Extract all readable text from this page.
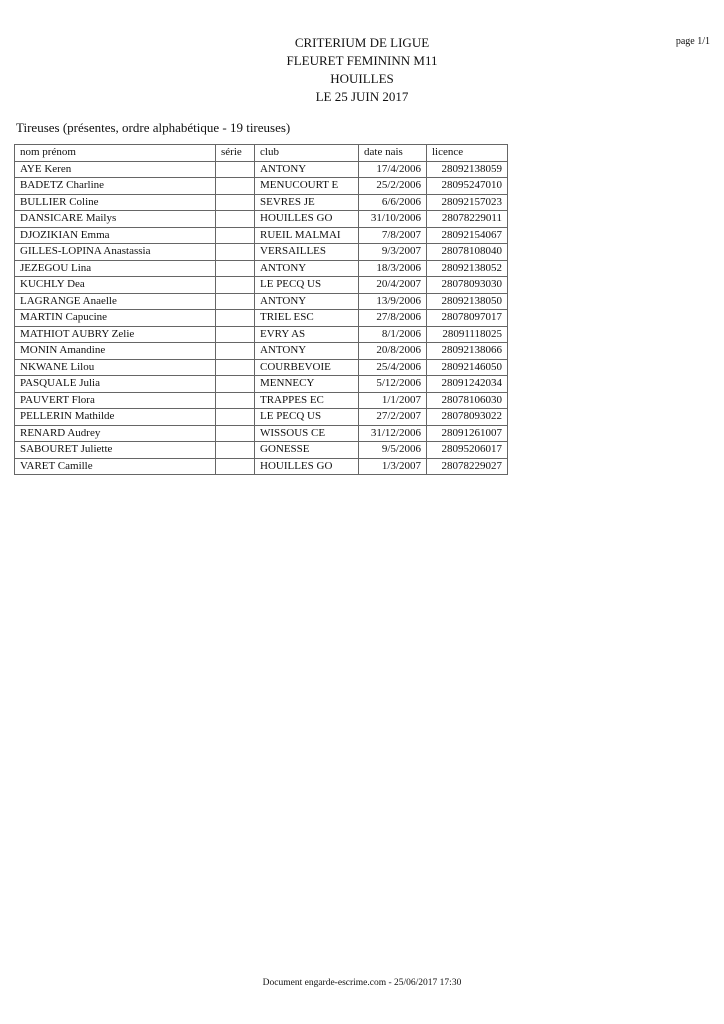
page 1/1
CRITERIUM DE LIGUE
FLEURET FEMININN M11
HOUILLES
LE 25 JUIN 2017
Tireuses (présentes, ordre alphabétique - 19 tireuses)
nom prénom	série	club	date nais	licence
AYE Keren		ANTONY	17/4/2006	28092138059
BADETZ Charline		MENUCOURT E	25/2/2006	28095247010
BULLIER Coline		SEVRES JE	6/6/2006	28092157023
DANSICARE Mailys		HOUILLES GO	31/10/2006	28078229011
DJOZIKIAN Emma		RUEIL MALMAI	7/8/2007	28092154067
GILLES-LOPINA Anastassia		VERSAILLES	9/3/2007	28078108040
JEZEGOU Lina		ANTONY	18/3/2006	28092138052
KUCHLY Dea		LE PECQ US	20/4/2007	28078093030
LAGRANGE Anaelle		ANTONY	13/9/2006	28092138050
MARTIN Capucine		TRIEL ESC	27/8/2006	28078097017
MATHIOT AUBRY Zelie		EVRY AS	8/1/2006	28091118025
MONIN Amandine		ANTONY	20/8/2006	28092138066
NKWANE Lilou		COURBEVOIE	25/4/2006	28092146050
PASQUALE Julia		MENNECY	5/12/2006	28091242034
PAUVERT Flora		TRAPPES EC	1/1/2007	28078106030
PELLERIN Mathilde		LE PECQ US	27/2/2007	28078093022
RENARD Audrey		WISSOUS CE	31/12/2006	28091261007
SABOURET Juliette		GONESSE	9/5/2006	28095206017
VARET Camille		HOUILLES GO	1/3/2007	28078229027
Document engarde-escrime.com - 25/06/2017 17:30
